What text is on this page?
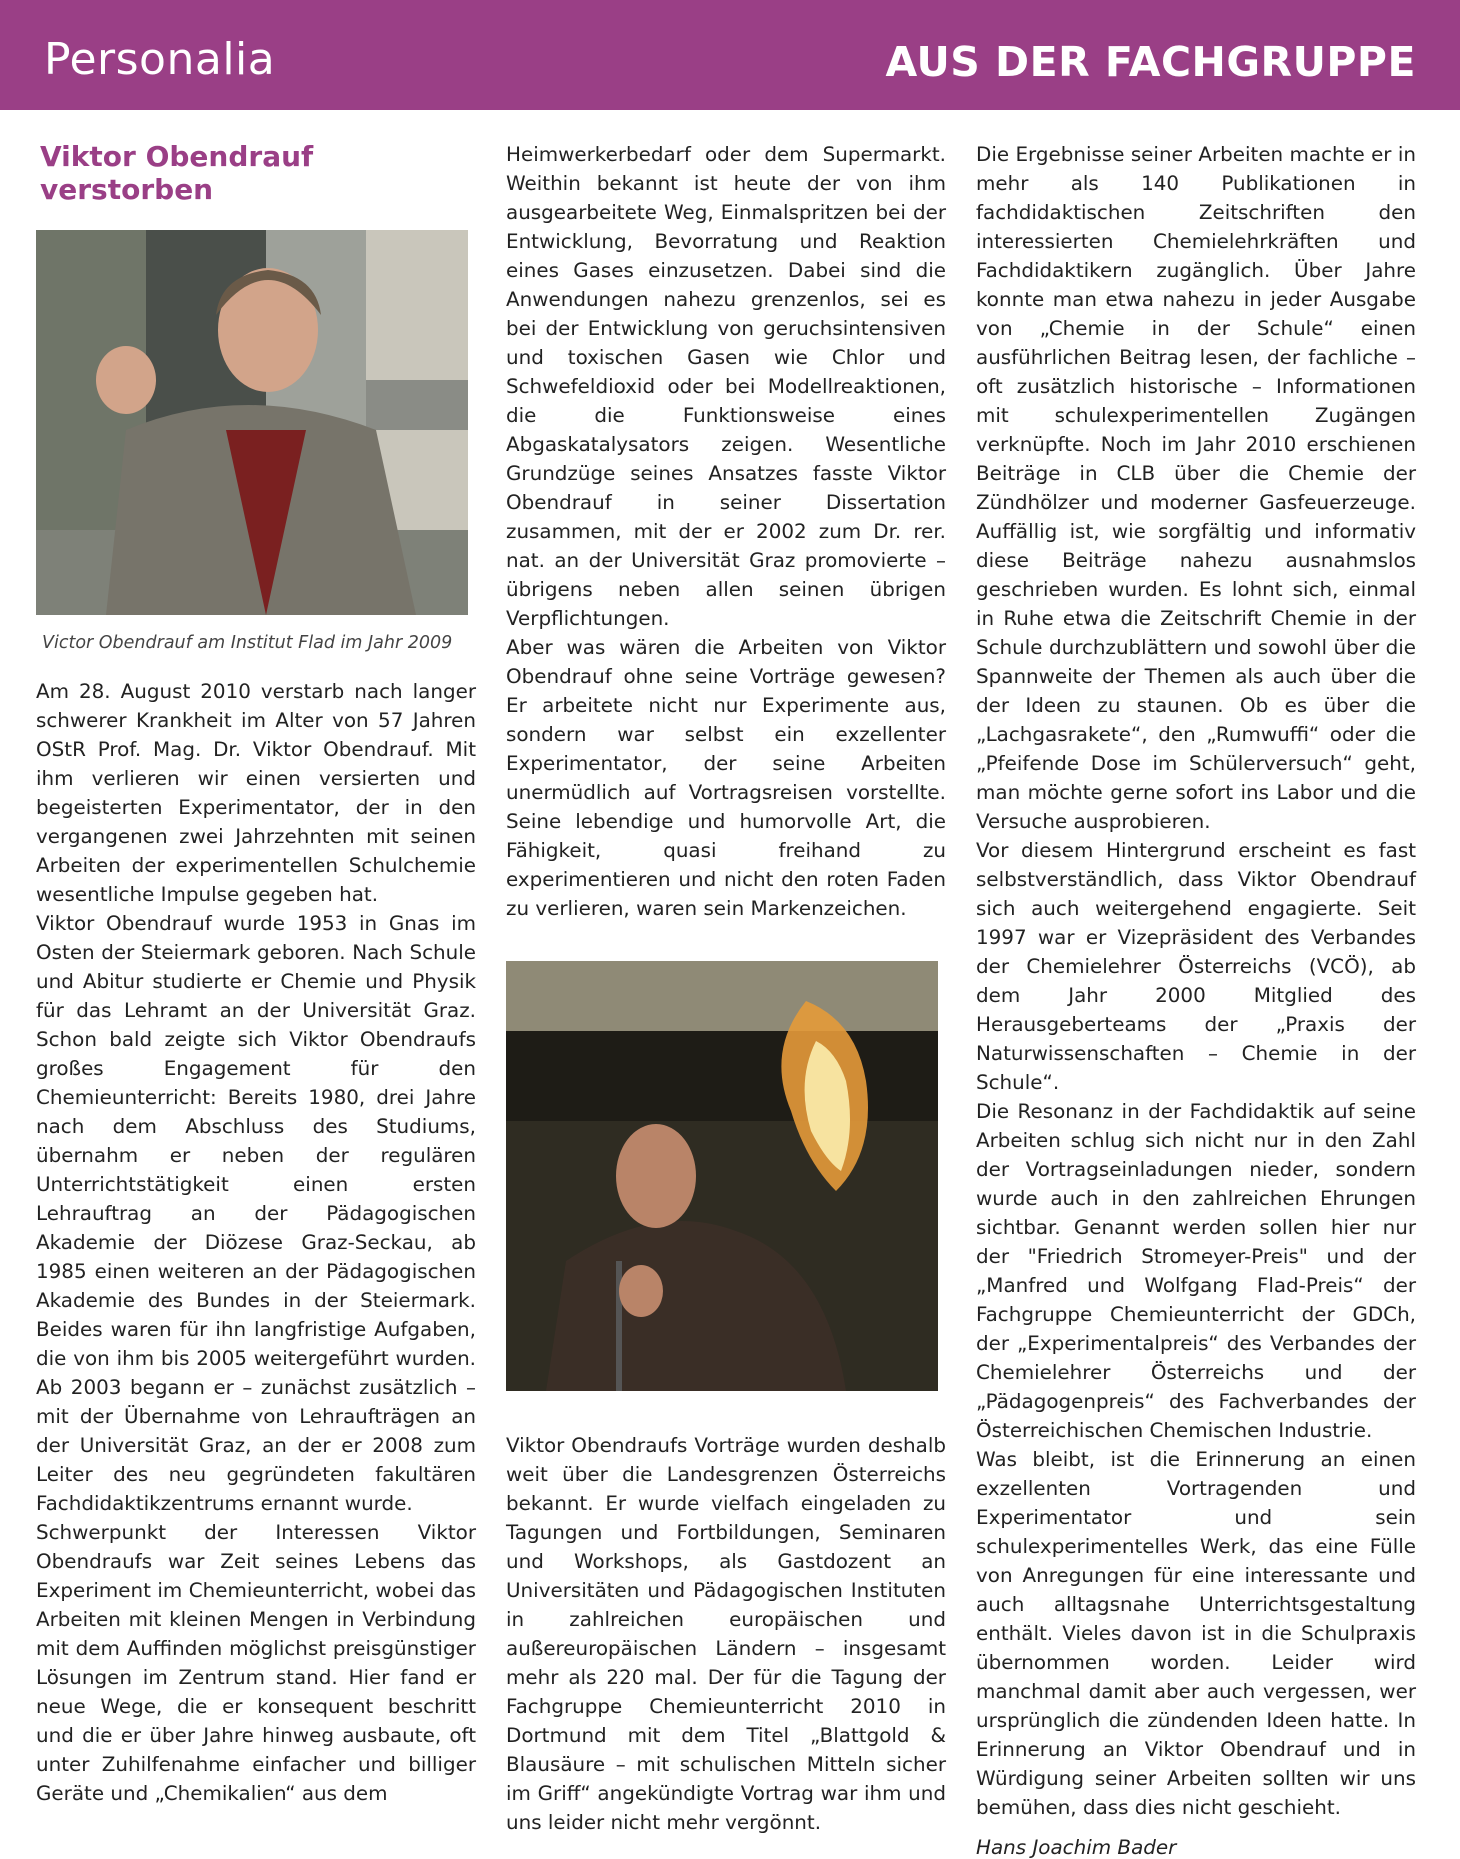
Personalia	AUS DER FACHGRUPPE
Viktor Obendrauf verstorben
Victor Obendrauf am Institut Flad im Jahr 2009

Am 28. August 2010 verstarb nach langer schwerer Krankheit im Alter von 57 Jahren OStR Prof. Mag. Dr. Viktor Obendrauf. Mit ihm verlieren wir einen versierten und begeisterten Experimentator, der in den vergangenen zwei Jahrzehnten mit seinen Arbeiten der experimentellen Schulchemie wesentliche Impulse gegeben hat.

Viktor Obendrauf wurde 1953 in Gnas im Osten der Steiermark geboren. Nach Schule und Abitur studierte er Chemie und Physik für das Lehramt an der Universität Graz. Schon bald zeigte sich Viktor Obendraufs großes Engagement für den Chemieunterricht: Bereits 1980, drei Jahre nach dem Abschluss des Studiums, übernahm er neben der regulären Unterrichtstätigkeit einen ersten Lehrauftrag an der Pädagogischen Akademie der Diözese Graz-Seckau, ab 1985 einen weiteren an der Pädagogischen Akademie des Bundes in der Steiermark. Beides waren für ihn langfristige Aufgaben, die von ihm bis 2005 weitergeführt wurden. Ab 2003 begann er – zunächst zusätzlich – mit der Übernahme von Lehraufträgen an der Universität Graz, an der er 2008 zum Leiter des neu gegründeten fakultären Fachdidaktikzentrums ernannt wurde.

Schwerpunkt der Interessen Viktor Obendraufs war Zeit seines Lebens das Experiment im Chemieunterricht, wobei das Arbeiten mit kleinen Mengen in Verbindung mit dem Auffinden möglichst preisgünstiger Lösungen im Zentrum stand. Hier fand er neue Wege, die er konsequent beschritt und die er über Jahre hinweg ausbaute, oft unter Zuhilfenahme einfacher und billiger Geräte und „Chemikalien“ aus dem

Heimwerkerbedarf oder dem Supermarkt. Weithin bekannt ist heute der von ihm ausgearbeitete Weg, Einmalspritzen bei der Entwicklung, Bevorratung und Reaktion eines Gases einzusetzen. Dabei sind die Anwendungen nahezu grenzenlos, sei es bei der Entwicklung von geruchsintensiven und toxischen Gasen wie Chlor und Schwefeldioxid oder bei Modellreaktionen, die die Funktionsweise eines Abgaskatalysators zeigen. Wesentliche Grundzüge seines Ansatzes fasste Viktor Obendrauf in seiner Dissertation zusammen, mit der er 2002 zum Dr. rer. nat. an der Universität Graz promovierte – übrigens neben allen seinen übrigen Verpflichtungen.

Aber was wären die Arbeiten von Viktor Obendrauf ohne seine Vorträge gewesen? Er arbeitete nicht nur Experimente aus, sondern war selbst ein exzellenter Experimentator, der seine Arbeiten unermüdlich auf Vortragsreisen vorstellte. Seine lebendige und humorvolle Art, die Fähigkeit, quasi freihand zu experimentieren und nicht den roten Faden zu verlieren, waren sein Markenzeichen.

Viktor Obendraufs Vorträge wurden deshalb weit über die Landesgrenzen Österreichs bekannt. Er wurde vielfach eingeladen zu Tagungen und Fortbildungen, Seminaren und Workshops, als Gastdozent an Universitäten und Pädagogischen Instituten in zahlreichen europäischen und außereuropäischen Ländern – insgesamt mehr als 220 mal. Der für die Tagung der Fachgruppe Chemieunterricht 2010 in Dortmund mit dem Titel „Blattgold & Blausäure – mit schulischen Mitteln sicher im Griff“ angekündigte Vortrag war ihm und uns leider nicht mehr vergönnt.

Die Ergebnisse seiner Arbeiten machte er in mehr als 140 Publikationen in fachdidaktischen Zeitschriften den interessierten Chemielehrkräften und Fachdidaktikern zugänglich. Über Jahre konnte man etwa nahezu in jeder Ausgabe von „Chemie in der Schule“ einen ausführlichen Beitrag lesen, der fachliche – oft zusätzlich historische – Informationen mit schulexperimentellen Zugängen verknüpfte. Noch im Jahr 2010 erschienen Beiträge in CLB über die Chemie der Zündhölzer und moderner Gasfeuerzeuge. Auffällig ist, wie sorgfältig und informativ diese Beiträge nahezu ausnahmslos geschrieben wurden. Es lohnt sich, einmal in Ruhe etwa die Zeitschrift Chemie in der Schule durchzublättern und sowohl über die Spannweite der Themen als auch über die der Ideen zu staunen. Ob es über die „Lachgasrakete“, den „Rumwuffi“ oder die „Pfeifende Dose im Schülerversuch“ geht, man möchte gerne sofort ins Labor und die Versuche ausprobieren.

Vor diesem Hintergrund erscheint es fast selbstverständlich, dass Viktor Obendrauf sich auch weitergehend engagierte. Seit 1997 war er Vizepräsident des Verbandes der Chemielehrer Österreichs (VCÖ), ab dem Jahr 2000 Mitglied des Herausgeberteams der „Praxis der Naturwissenschaften – Chemie in der Schule“.

Die Resonanz in der Fachdidaktik auf seine Arbeiten schlug sich nicht nur in den Zahl der Vortragseinladungen nieder, sondern wurde auch in den zahlreichen Ehrungen sichtbar. Genannt werden sollen hier nur der "Friedrich Stromeyer-Preis" und der „Manfred und Wolfgang Flad-Preis“ der Fachgruppe Chemieunterricht der GDCh, der „Experimentalpreis“ des Verbandes der Chemielehrer Österreichs und der „Pädagogenpreis“ des Fachverbandes der Österreichischen Chemischen Industrie.

Was bleibt, ist die Erinnerung an einen exzellenten Vortragenden und Experimentator und sein schulexperimentelles Werk, das eine Fülle von Anregungen für eine interessante und auch alltagsnahe Unterrichtsgestaltung enthält. Vieles davon ist in die Schulpraxis übernommen worden. Leider wird manchmal damit aber auch vergessen, wer ursprünglich die zündenden Ideen hatte. In Erinnerung an Viktor Obendrauf und in Würdigung seiner Arbeiten sollten wir uns bemühen, dass dies nicht geschieht.

Hans Joachim Bader
